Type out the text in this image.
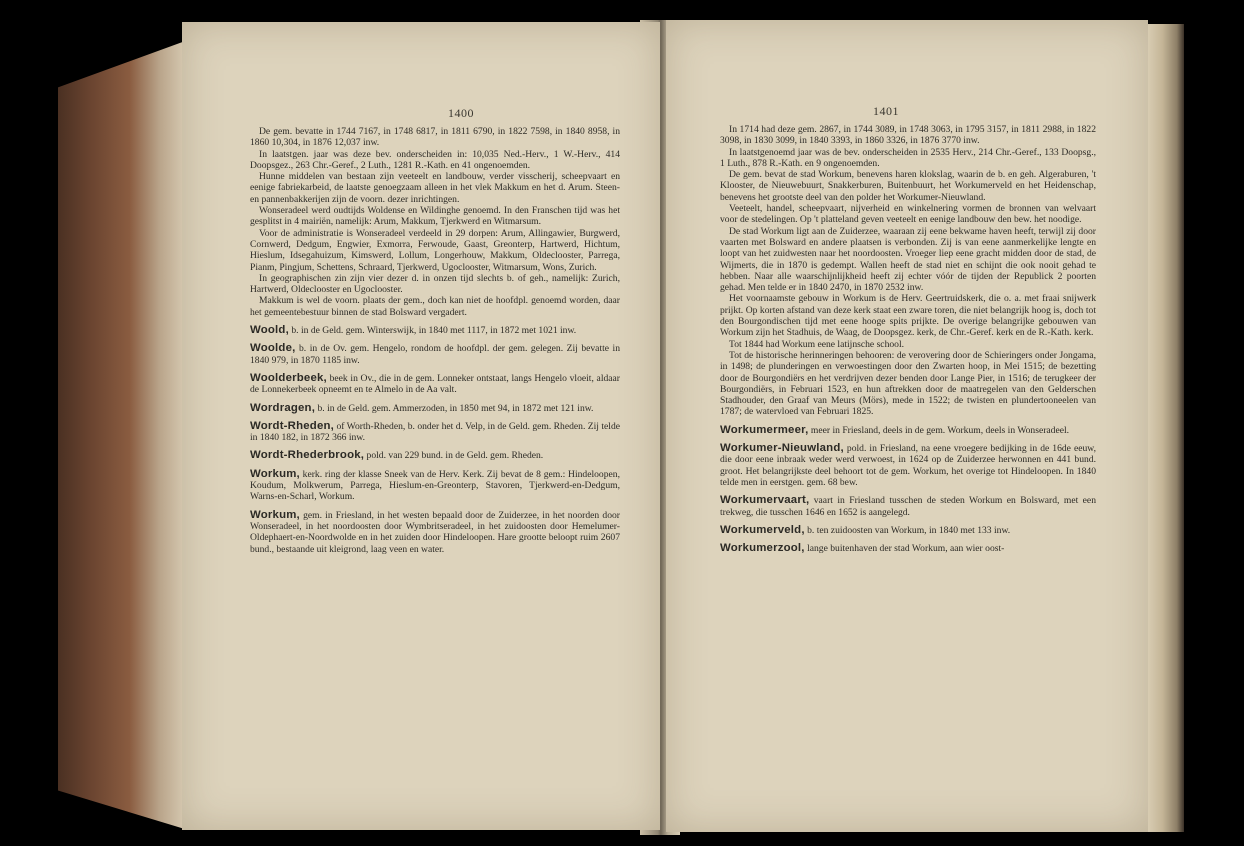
1400

De gem. bevatte in 1744 7167, in 1748 6817, in 1811 6790, in 1822 7598, in 1840 8958, in 1860 10,304, in 1876 12,037 inw.

In laatstgen. jaar was deze bev. onderscheiden in: 10,035 Ned.-Herv., 1 W.-Herv., 414 Doopsgez., 263 Chr.-Geref., 2 Luth., 1281 R.-Kath. en 41 ongenoemden.

Hunne middelen van bestaan zijn veeteelt en landbouw, verder visscherij, scheepvaart en eenige fabriekarbeid, de laatste genoegzaam alleen in het vlek Makkum en het d. Arum. Steen- en pannenbakkerijen zijn de voorn. dezer inrichtingen.

Wonseradeel werd oudtijds Woldense en Wildinghe genoemd. In den Franschen tijd was het gesplitst in 4 mairiën, namelijk: Arum, Makkum, Tjerkwerd en Witmarsum.

Voor de administratie is Wonseradeel verdeeld in 29 dorpen: Arum, Allingawier, Burgwerd, Cornwerd, Dedgum, Engwier, Exmorra, Ferwoude, Gaast, Greonterp, Hartwerd, Hichtum, Hieslum, Idsegahuizum, Kimswerd, Lollum, Longerhouw, Makkum, Oldeclooster, Parrega, Pianm, Pingjum, Schettens, Schraard, Tjerkwerd, Ugoclooster, Witmarsum, Wons, Zurich.

In geographischen zin zijn vier dezer d. in onzen tijd slechts b. of geh., namelijk: Zurich, Hartwerd, Oldeclooster en Ugoclooster.

Makkum is wel de voorn. plaats der gem., doch kan niet de hoofdpl. genoemd worden, daar het gemeentebestuur binnen de stad Bolsward vergadert.

Woold, b. in de Geld. gem. Winterswijk, in 1840 met 1117, in 1872 met 1021 inw.

Woolde, b. in de Ov. gem. Hengelo, rondom de hoofdpl. der gem. gelegen. Zij bevatte in 1840 979, in 1870 1185 inw.

Woolderbeek, beek in Ov., die in de gem. Lonneker ontstaat, langs Hengelo vloeit, aldaar de Lonnekerbeek opneemt en te Almelo in de Aa valt.

Wordragen, b. in de Geld. gem. Ammerzoden, in 1850 met 94, in 1872 met 121 inw.

Wordt-Rheden, of Worth-Rheden, b. onder het d. Velp, in de Geld. gem. Rheden. Zij telde in 1840 182, in 1872 366 inw.

Wordt-Rhederbrook, pold. van 229 bund. in de Geld. gem. Rheden.

Workum, kerk. ring der klasse Sneek van de Herv. Kerk. Zij bevat de 8 gem.: Hindeloopen, Koudum, Molkwerum, Parrega, Hieslum-en-Greonterp, Stavoren, Tjerkwerd-en-Dedgum, Warns-en-Scharl, Workum.

Workum, gem. in Friesland, in het westen bepaald door de Zuiderzee, in het noorden door Wonseradeel, in het noordoosten door Wymbritseradeel, in het zuidoosten door Hemelumer-Oldephaert-en-Noordwolde en in het zuiden door Hindeloopen. Hare grootte beloopt ruim 2607 bund., bestaande uit kleigrond, laag veen en water.

1401

In 1714 had deze gem. 2867, in 1744 3089, in 1748 3063, in 1795 3157, in 1811 2988, in 1822 3098, in 1830 3099, in 1840 3393, in 1860 3326, in 1876 3770 inw.

In laatstgenoemd jaar was de bev. onderscheiden in 2535 Herv., 214 Chr.-Geref., 133 Doopsg., 1 Luth., 878 R.-Kath. en 9 ongenoemden.

De gem. bevat de stad Workum, benevens haren klokslag, waarin de b. en geh. Algeraburen, 't Klooster, de Nieuwebuurt, Snakkerburen, Buitenbuurt, het Workumerveld en het Heidenschap, benevens het grootste deel van den polder het Workumer-Nieuwland.

Veeteelt, handel, scheepvaart, nijverheid en winkelnering vormen de bronnen van welvaart voor de stedelingen. Op 't platteland geven veeteelt en eenige landbouw den bew. het noodige.

De stad Workum ligt aan de Zuiderzee, waaraan zij eene bekwame haven heeft, terwijl zij door vaarten met Bolsward en andere plaatsen is verbonden. Zij is van eene aanmerkelijke lengte en loopt van het zuidwesten naar het noordoosten. Vroeger liep eene gracht midden door de stad, de Wijmerts, die in 1870 is gedempt. Wallen heeft de stad niet en schijnt die ook nooit gehad te hebben. Naar alle waarschijnlijkheid heeft zij echter vóór de tijden der Republick 2 poorten gehad. Men telde er in 1840 2470, in 1870 2532 inw.

Het voornaamste gebouw in Workum is de Herv. Geertruidskerk, die o. a. met fraai snijwerk prijkt. Op korten afstand van deze kerk staat een zware toren, die niet belangrijk hoog is, doch tot den Bourgondischen tijd met eene hooge spits prijkte. De overige belangrijke gebouwen van Workum zijn het Stadhuis, de Waag, de Doopsgez. kerk, de Chr.-Geref. kerk en de R.-Kath. kerk.

Tot 1844 had Workum eene latijnsche school.

Tot de historische herinneringen behooren: de verovering door de Schieringers onder Jongama, in 1498; de plunderingen en verwoestingen door den Zwarten hoop, in Mei 1515; de bezetting door de Bourgondiërs en het verdrijven dezer benden door Lange Pier, in 1516; de terugkeer der Bourgondiërs, in Februari 1523, en hun aftrekken door de maatregelen van den Gelderschen Stadhouder, den Graaf van Meurs (Mörs), mede in 1522; de twisten en plundertooneelen van 1787; de watervloed van Februari 1825.

Workumermeer, meer in Friesland, deels in de gem. Workum, deels in Wonseradeel.

Workumer-Nieuwland, pold. in Friesland, na eene vroegere bedijking in de 16de eeuw, die door eene inbraak weder werd verwoest, in 1624 op de Zuiderzee herwonnen en 441 bund. groot. Het belangrijkste deel behoort tot de gem. Workum, het overige tot Hindeloopen. In 1840 telde men in eerstgen. gem. 68 bew.

Workumervaart, vaart in Friesland tusschen de steden Workum en Bolsward, met een trekweg, die tusschen 1646 en 1652 is aangelegd.

Workumerveld, b. ten zuidoosten van Workum, in 1840 met 133 inw.

Workumerzool, lange buitenhaven der stad Workum, aan wier oost-
